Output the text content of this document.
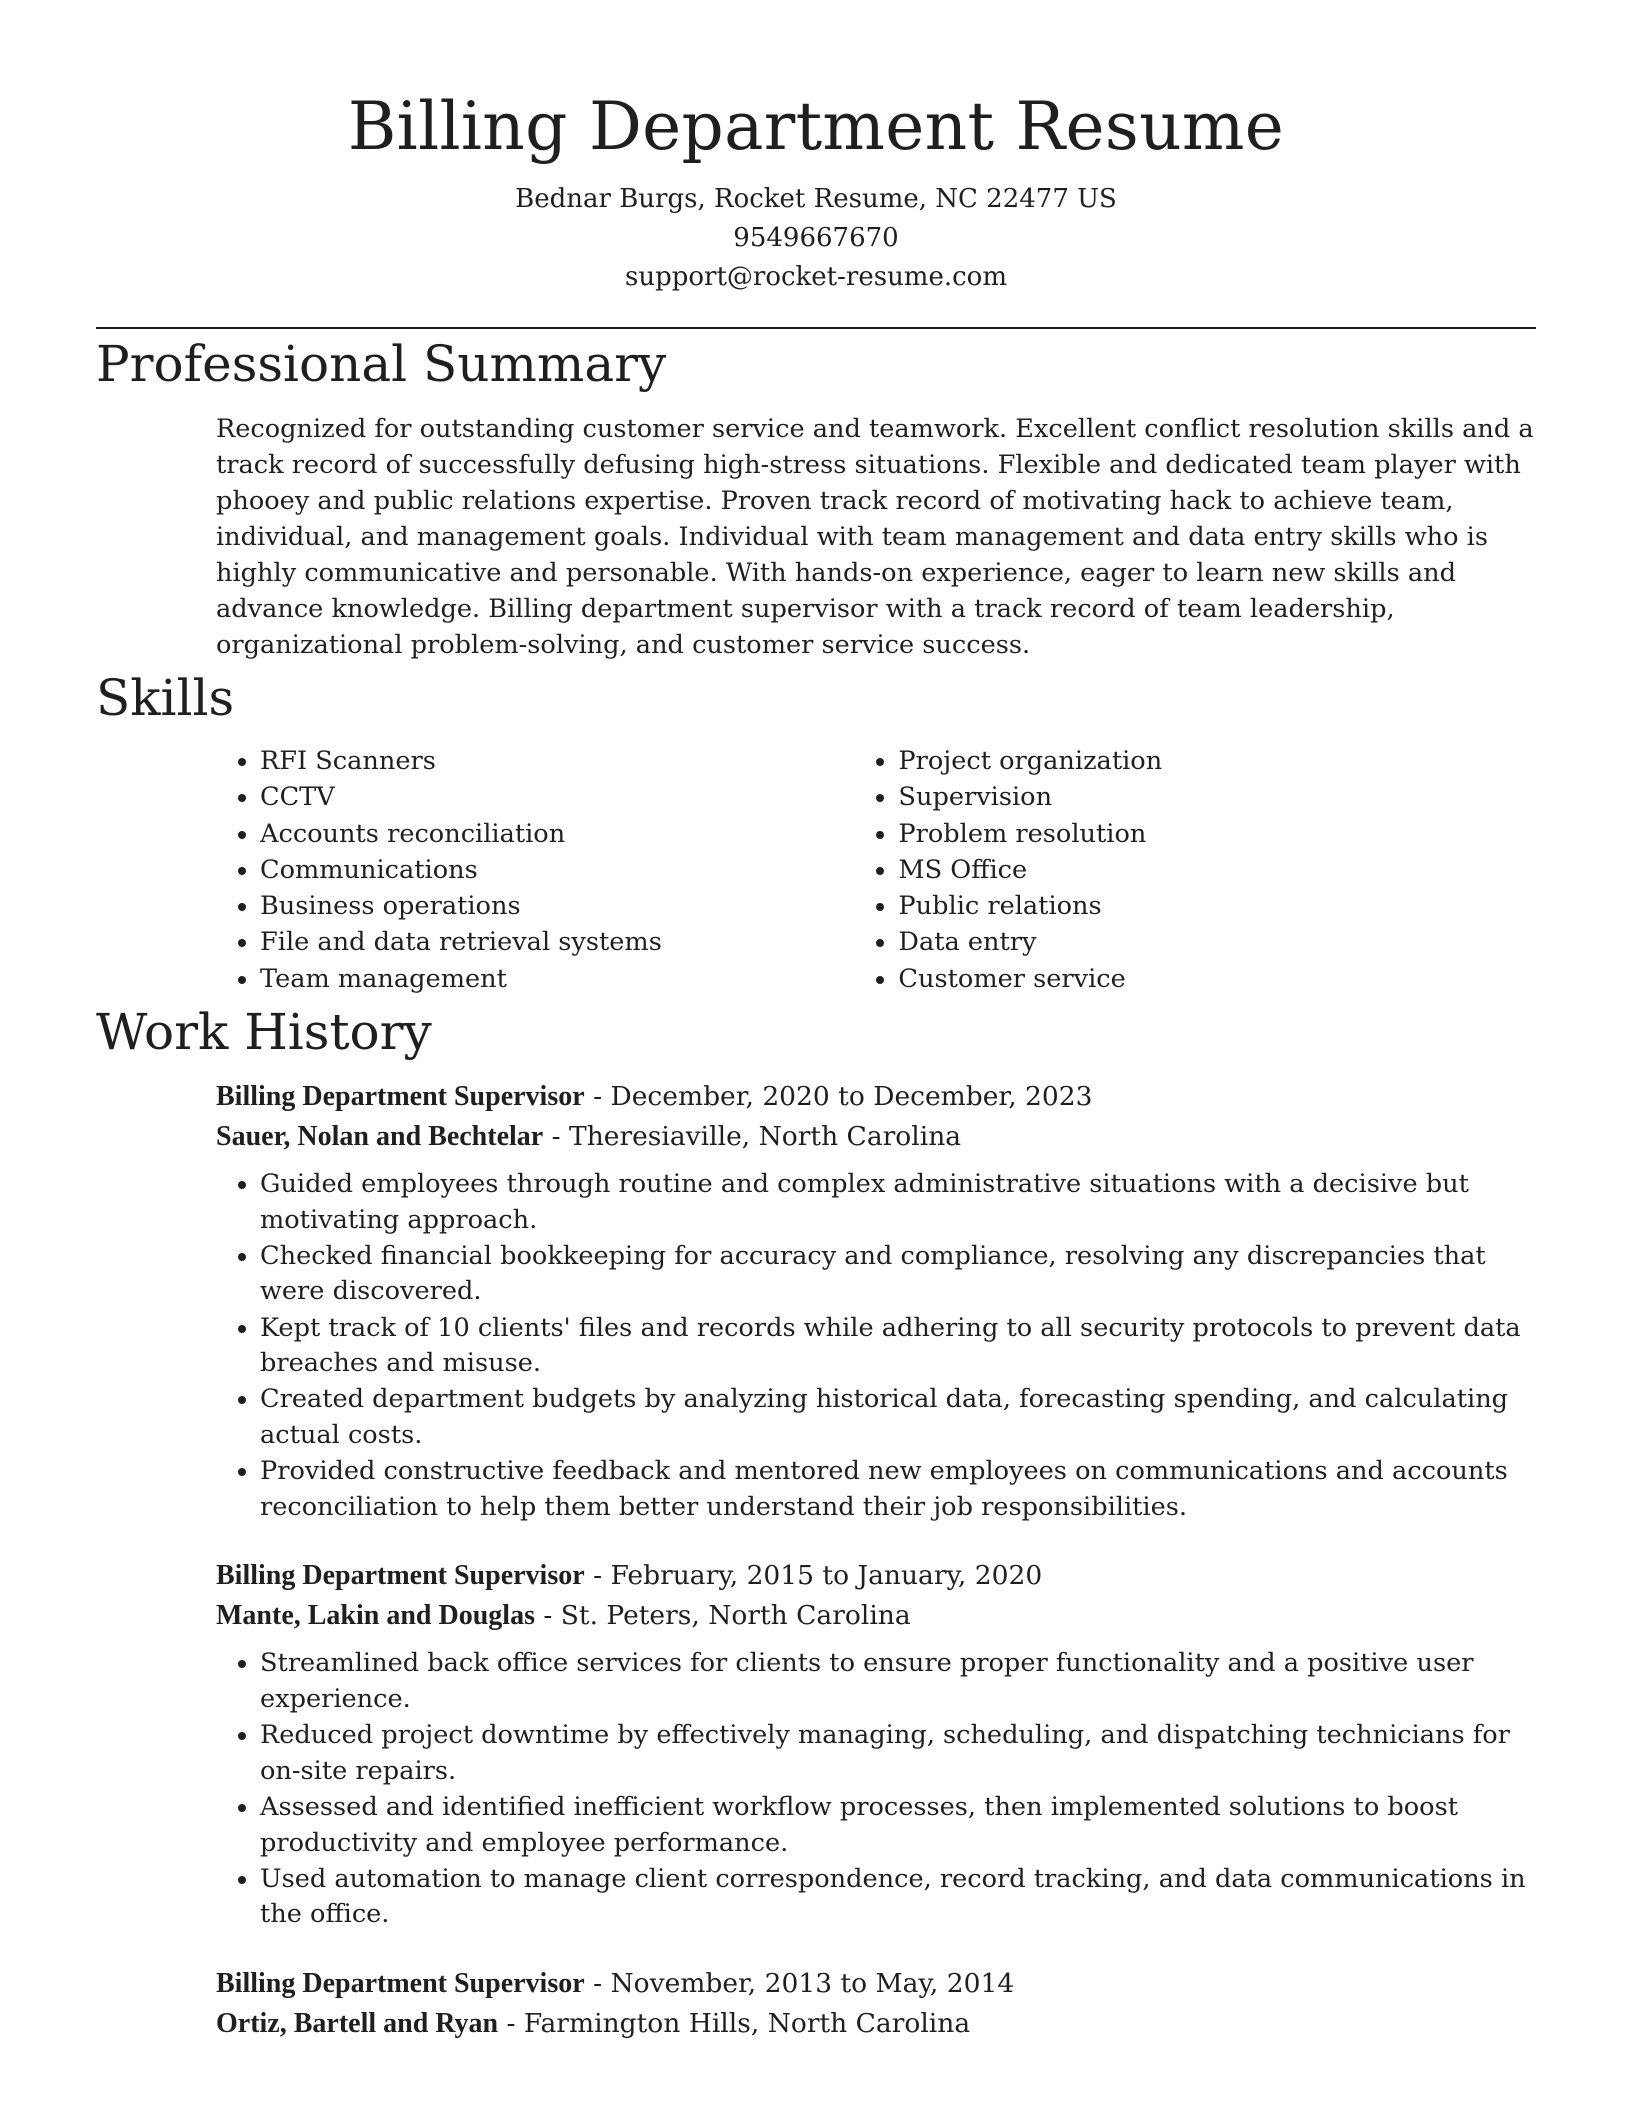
Billing Department Resume
Bednar Burgs, Rocket Resume, NC 22477 US
9549667670
support@rocket-resume.com
Professional Summary
Recognized for outstanding customer service and teamwork. Excellent conflict resolution skills and a track record of successfully defusing high-stress situations. Flexible and dedicated team player with phooey and public relations expertise. Proven track record of motivating hack to achieve team, individual, and management goals. Individual with team management and data entry skills who is highly communicative and personable. With hands-on experience, eager to learn new skills and advance knowledge. Billing department supervisor with a track record of team leadership, organizational problem-solving, and customer service success.
Skills
• RFI Scanners
• CCTV
• Accounts reconciliation
• Communications
• Business operations
• File and data retrieval systems
• Team management
• Project organization
• Supervision
• Problem resolution
• MS Office
• Public relations
• Data entry
• Customer service
Work History
Billing Department Supervisor - December, 2020 to December, 2023
Sauer, Nolan and Bechtelar - Theresiaville, North Carolina
• Guided employees through routine and complex administrative situations with a decisive but motivating approach.
• Checked financial bookkeeping for accuracy and compliance, resolving any discrepancies that were discovered.
• Kept track of 10 clients' files and records while adhering to all security protocols to prevent data breaches and misuse.
• Created department budgets by analyzing historical data, forecasting spending, and calculating actual costs.
• Provided constructive feedback and mentored new employees on communications and accounts reconciliation to help them better understand their job responsibilities.
Billing Department Supervisor - February, 2015 to January, 2020
Mante, Lakin and Douglas - St. Peters, North Carolina
• Streamlined back office services for clients to ensure proper functionality and a positive user experience.
• Reduced project downtime by effectively managing, scheduling, and dispatching technicians for on-site repairs.
• Assessed and identified inefficient workflow processes, then implemented solutions to boost productivity and employee performance.
• Used automation to manage client correspondence, record tracking, and data communications in the office.
Billing Department Supervisor - November, 2013 to May, 2014
Ortiz, Bartell and Ryan - Farmington Hills, North Carolina
